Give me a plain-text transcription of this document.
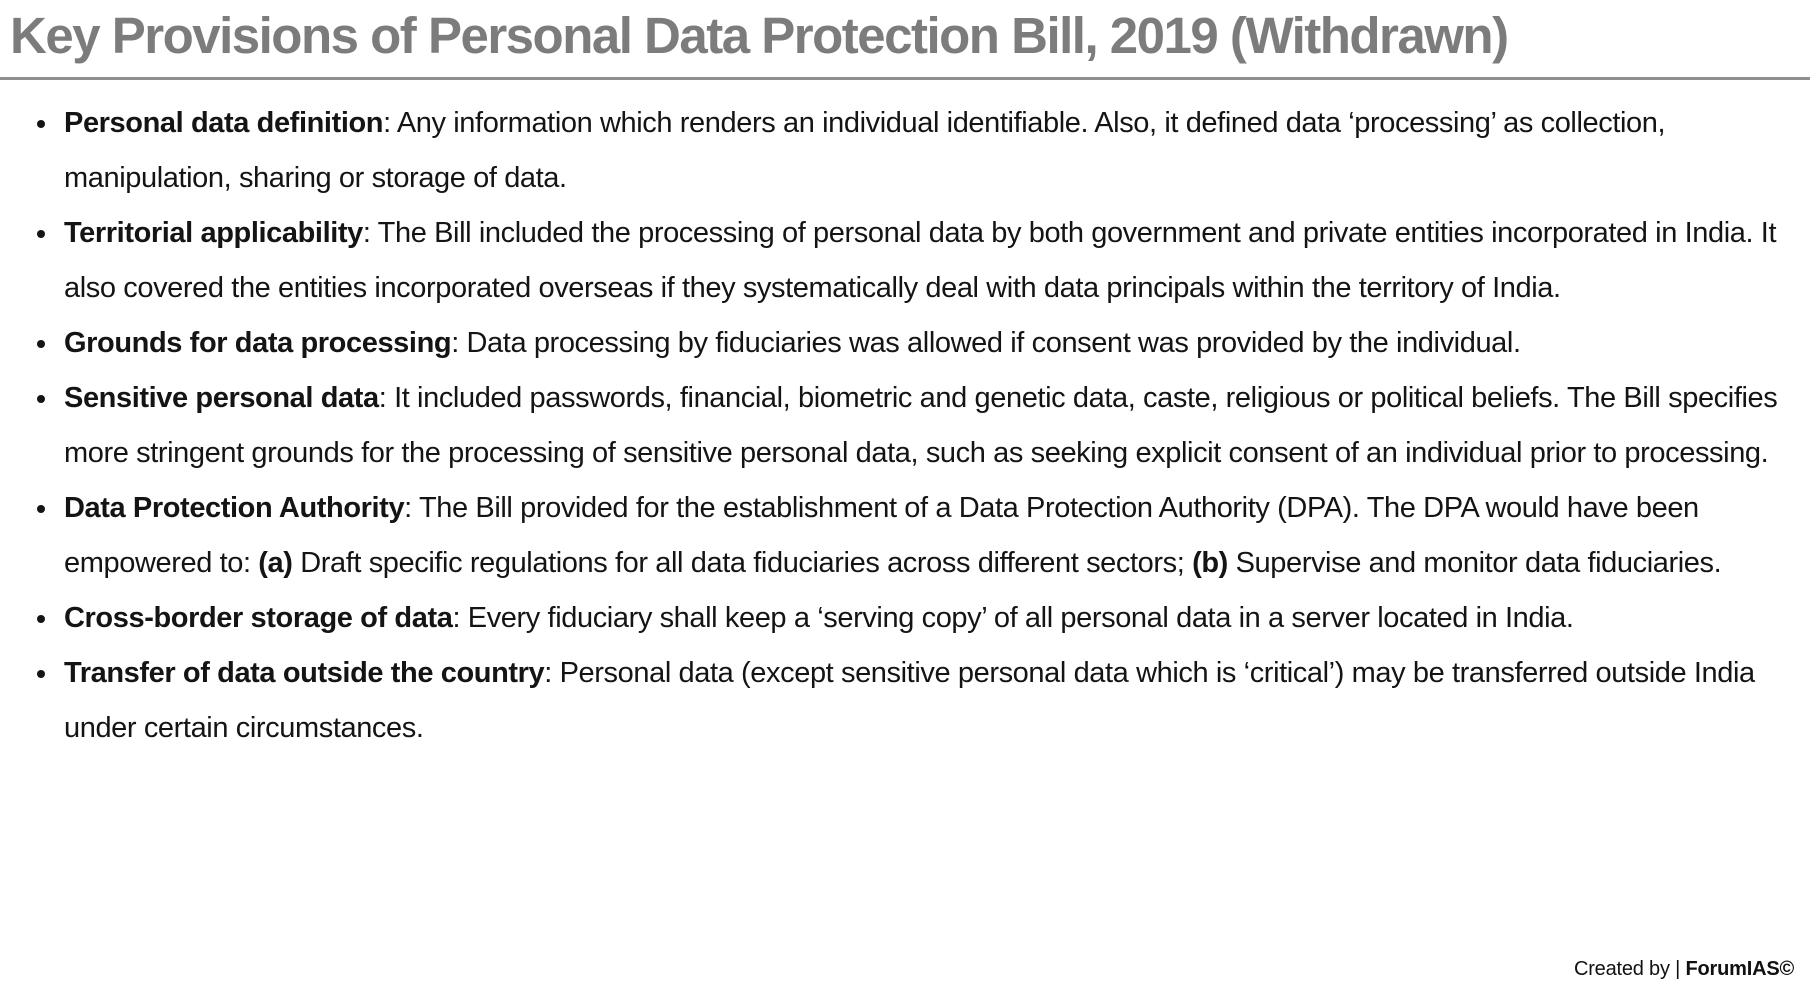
Key Provisions of Personal Data Protection Bill, 2019 (Withdrawn)
• Personal data definition: Any information which renders an individual identifiable. Also, it defined data ‘processing’ as collection, manipulation, sharing or storage of data.
• Territorial applicability: The Bill included the processing of personal data by both government and private entities incorporated in India. It also covered the entities incorporated overseas if they systematically deal with data principals within the territory of India.
• Grounds for data processing: Data processing by fiduciaries was allowed if consent was provided by the individual.
• Sensitive personal data: It included passwords, financial, biometric and genetic data, caste, religious or political beliefs. The Bill specifies more stringent grounds for the processing of sensitive personal data, such as seeking explicit consent of an individual prior to processing.
• Data Protection Authority: The Bill provided for the establishment of a Data Protection Authority (DPA). The DPA would have been empowered to: (a) Draft specific regulations for all data fiduciaries across different sectors; (b) Supervise and monitor data fiduciaries.
• Cross-border storage of data: Every fiduciary shall keep a ‘serving copy’ of all personal data in a server located in India.
• Transfer of data outside the country: Personal data (except sensitive personal data which is ‘critical’) may be transferred outside India under certain circumstances.
Created by | ForumIAS©
